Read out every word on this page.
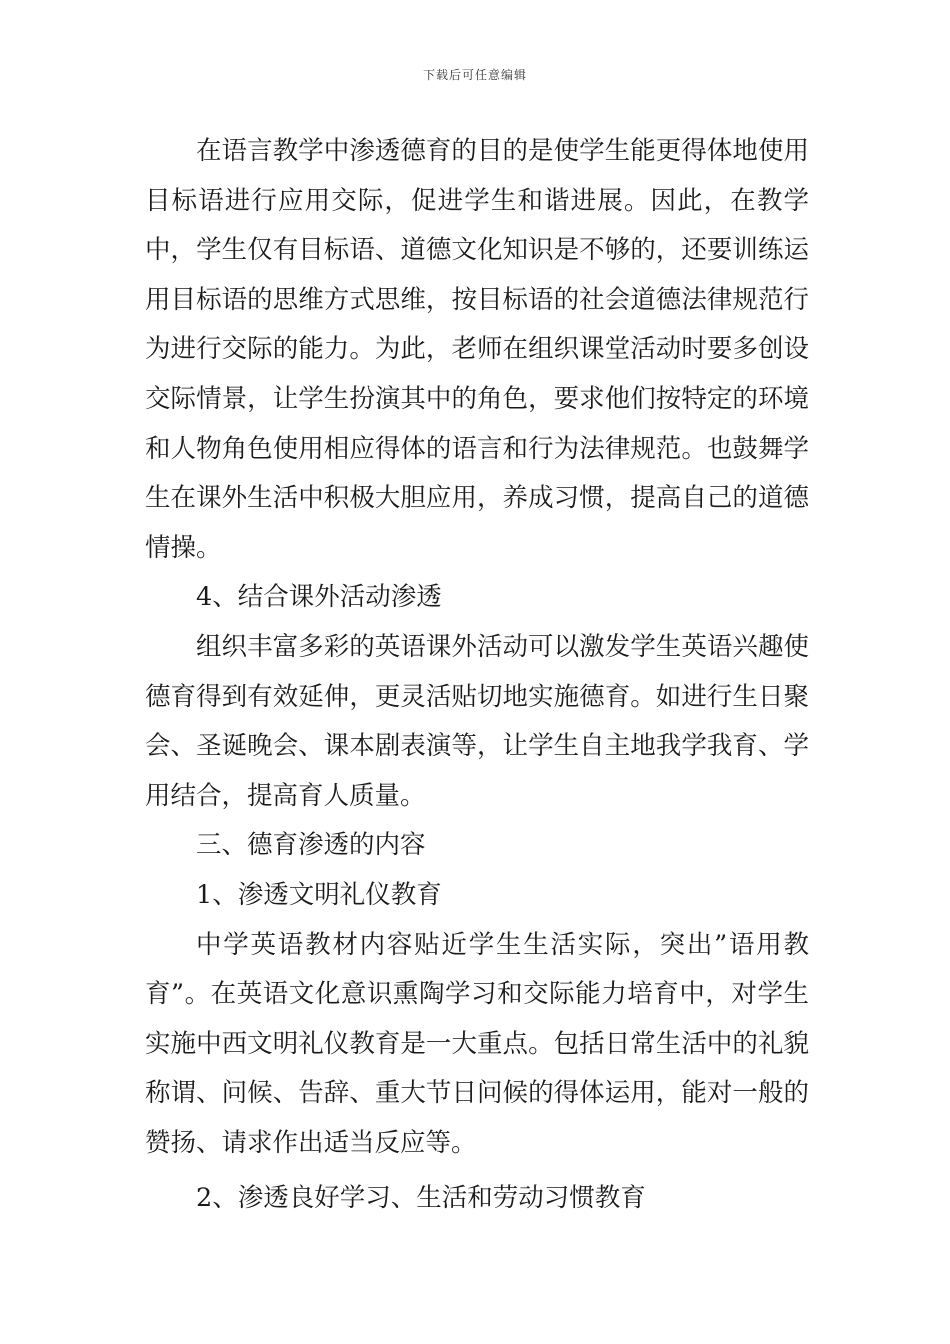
下载后可任意编辑

在语言教学中渗透德育的目的是使学生能更得体地使用目标语进行应用交际，促进学生和谐进展。因此，在教学中，学生仅有目标语、道德文化知识是不够的，还要训练运用目标语的思维方式思维，按目标语的社会道德法律规范行为进行交际的能力。为此，老师在组织课堂活动时要多创设交际情景，让学生扮演其中的角色，要求他们按特定的环境和人物角色使用相应得体的语言和行为法律规范。也鼓舞学生在课外生活中积极大胆应用，养成习惯，提高自己的道德情操。

4、结合课外活动渗透

组织丰富多彩的英语课外活动可以激发学生英语兴趣使德育得到有效延伸，更灵活贴切地实施德育。如进行生日聚会、圣诞晚会、课本剧表演等，让学生自主地我学我育、学用结合，提高育人质量。

三、德育渗透的内容

1、渗透文明礼仪教育

中学英语教材内容贴近学生生活实际，突出”语用教育”。在英语文化意识熏陶学习和交际能力培育中，对学生实施中西文明礼仪教育是一大重点。包括日常生活中的礼貌称谓、问候、告辞、重大节日问候的得体运用，能对一般的赞扬、请求作出适当反应等。

2、渗透良好学习、生活和劳动习惯教育
